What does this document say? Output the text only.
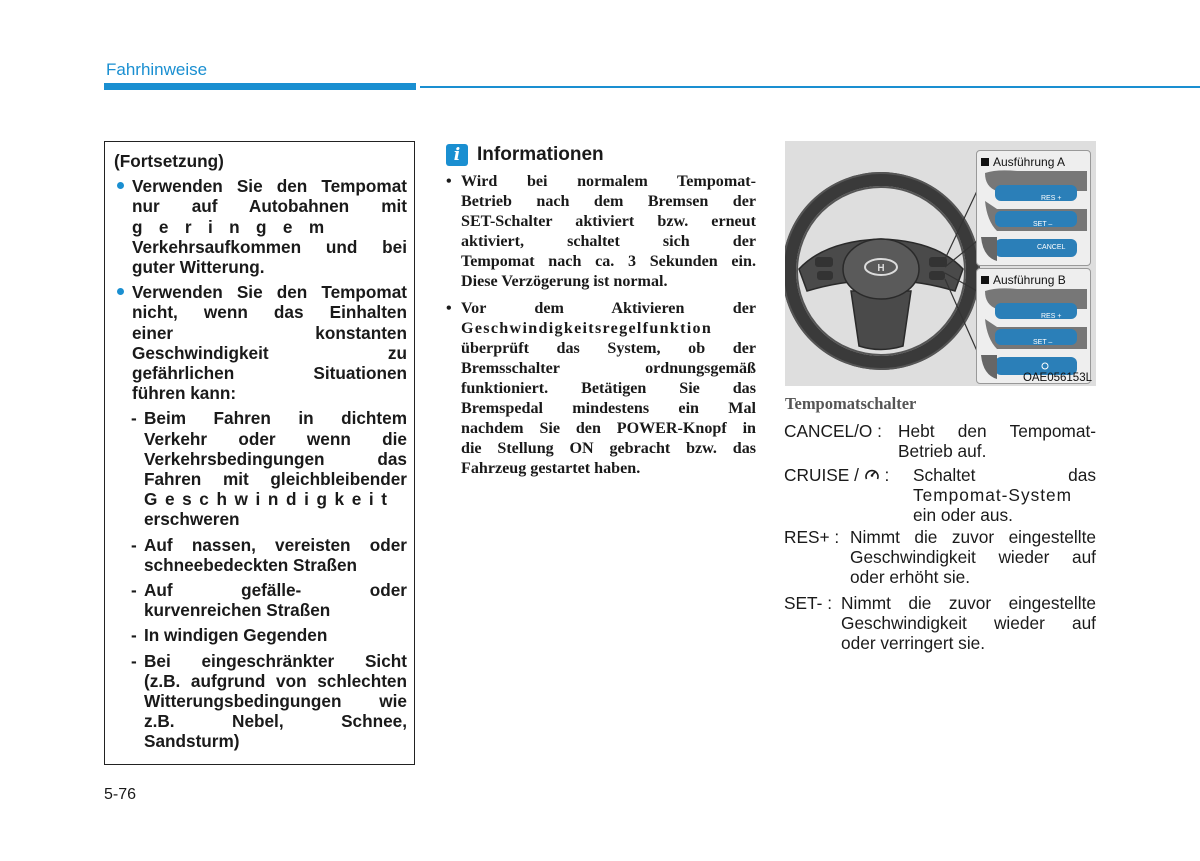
Fahrhinweise
(Fortsetzung)
Verwenden Sie den Tempomat
nur auf Autobahnen mit
geringem
Verkehrsaufkommen und bei
guter Witterung.
Verwenden Sie den Tempomat
nicht, wenn das Einhalten
einer konstanten
Geschwindigkeit zu
gefährlichen Situationen
führen kann:
- Beim Fahren in dichtem
Verkehr oder wenn die
Verkehrsbedingungen das
Fahren mit gleichbleibender
Geschwindigkeit
erschweren
- Auf nassen, vereisten oder
schneebedeckten Straßen
- Auf gefälle- oder
kurvenreichen Straßen
- In windigen Gegenden
- Bei eingeschränkter Sicht
(z.B. aufgrund von schlechten
Witterungsbedingungen wie
z.B. Nebel, Schnee,
Sandsturm)
i Informationen
• Wird bei normalem Tempomat-
Betrieb nach dem Bremsen der
SET-Schalter aktiviert bzw. erneut
aktiviert, schaltet sich der
Tempomat nach ca. 3 Sekunden ein.
Diese Verzögerung ist normal.
• Vor dem Aktivieren der
Geschwindigkeitsregelfunktion
überprüft das System, ob der
Bremsschalter ordnungsgemäß
funktioniert. Betätigen Sie das
Bremspedal mindestens ein Mal
nachdem Sie den POWER-Knopf in
die Stellung ON gebracht bzw. das
Fahrzeug gestartet haben.
H
Ausführung A
RES +
SET –
CANCEL
Ausführung B
RES +
SET –
OAE056153L
Tempomatschalter
CANCEL/O : Hebt den Tempomat-
Betrieb auf.
CRUISE / :	Schaltet das
Tempomat-System
ein oder aus.
RES+ : Nimmt die zuvor eingestellte
Geschwindigkeit wieder auf
oder erhöht sie.
SET- : Nimmt die zuvor eingestellte
Geschwindigkeit wieder auf
oder verringert sie.
5-76
